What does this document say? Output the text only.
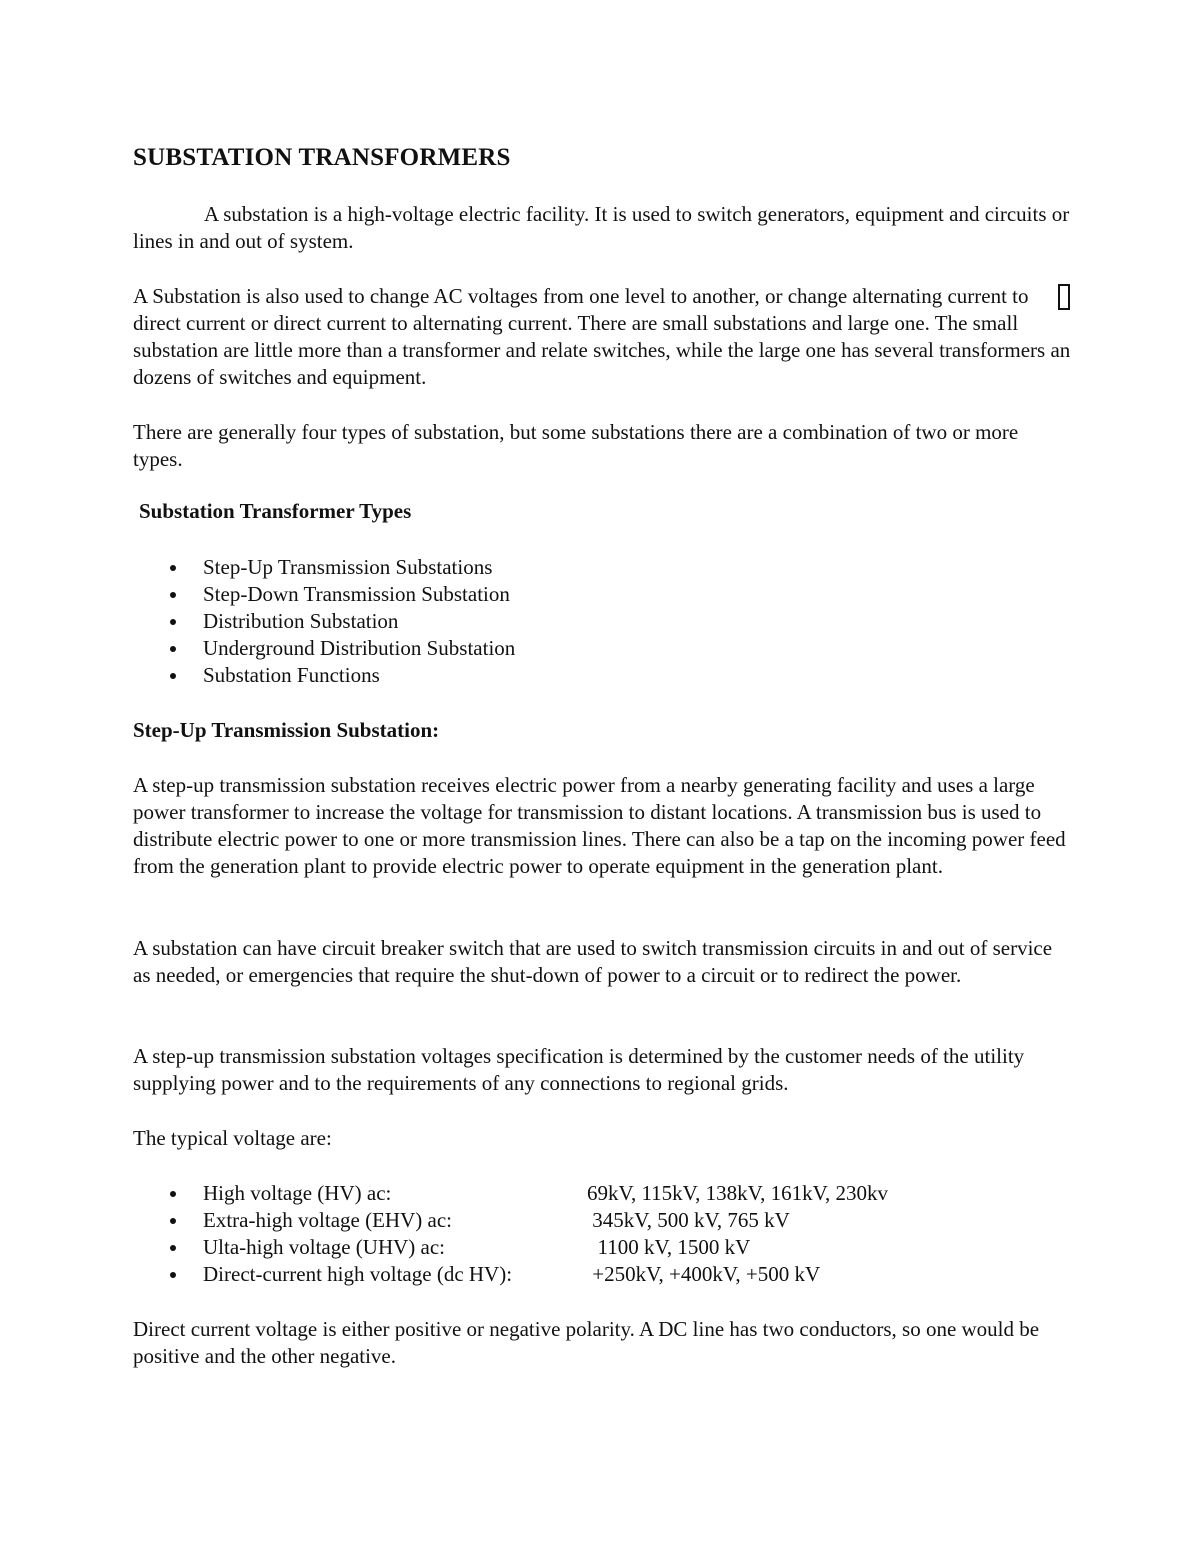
SUBSTATION TRANSFORMERS

A substation is a high-voltage electric facility. It is used to switch generators, equipment and circuits or lines in and out of system.

A Substation is also used to change AC voltages from one level to another, or change alternating current to direct current or direct current to alternating current. There are small substations and large one. The small substation are little more than a transformer and relate switches, while the large one has several transformers an dozens of switches and equipment.

There are generally four types of substation, but some substations there are a combination of two or more types.

Substation Transformer Types
Step-Up Transmission Substations
Step-Down Transmission Substation
Distribution Substation
Underground Distribution Substation
Substation Functions
Step-Up Transmission Substation:

A step-up transmission substation receives electric power from a nearby generating facility and uses a large power transformer to increase the voltage for transmission to distant locations. A transmission bus is used to distribute electric power to one or more transmission lines. There can also be a tap on the incoming power feed from the generation plant to provide electric power to operate equipment in the generation plant.

A substation can have circuit breaker switch that are used to switch transmission circuits in and out of service as needed, or emergencies that require the shut-down of power to a circuit or to redirect the power.

A step-up transmission substation voltages specification is determined by the customer needs of the utility supplying power and to the requirements of any connections to regional grids.

The typical voltage are:

High voltage (HV) ac:	69kV, 115kV, 138kV, 161kV, 230kv
Extra-high voltage (EHV) ac:	345kV, 500 kV, 765 kV
Ulta-high voltage (UHV) ac:	1100 kV, 1500 kV
Direct-current high voltage (dc HV):	+250kV, +400kV, +500 kV

Direct current voltage is either positive or negative polarity. A DC line has two conductors, so one would be positive and the other negative.
